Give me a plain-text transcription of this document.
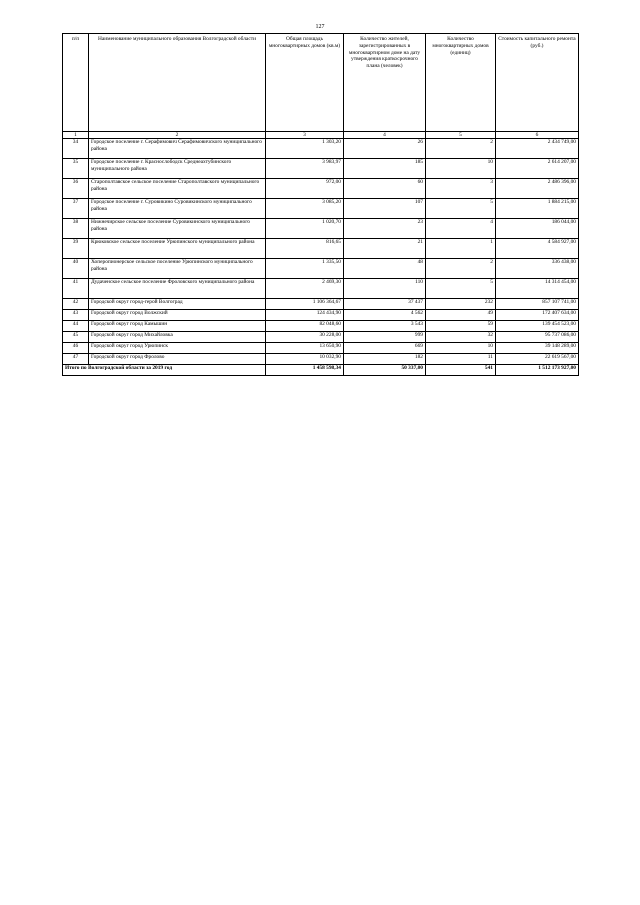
127
п/п	Наименование муниципального образования Волгоградской области	Общая площадь многоквартирных домов (кв.м)	Количество жителей, зарегистрированных в многоквартирном доме на дату утверждения краткосрочного плана (человек)	Количество многоквартирных домов (единиц)	Стоимость капитального ремонта (руб.)
1	2	3	4	5	6
34	Городское поселение г. Серафимович Серафимовичского муниципального района	1 303,20	26	2	2 434 749,00
35	Городское поселение г. Краснослободск Среднеахтубинского муниципального района	3 983,97	185	10	2 614 207,00
36	Старополтавское сельское поселение Старополтавского муниципального района	972,00	60	3	2 486 396,00
37	Городское поселение г. Суровикино Суровикинского муниципального района	3 085,20	107	5	1 884 215,00
38	Нижнечирское сельское поселение Суровикинского муниципального района	1 020,70	23	4	186 044,00
39	Крюковское сельское поселение Урюпинского муниципального района	816,65	21	1	4 584 927,00
40	Хоперопионерское сельское поселение Урюпинского муниципального района	1 335,50	48	2	336 438,00
41	Дудаченское сельское поселение Фроловского муниципального района	2 469,30	110	5	14 314 454,00
42	Городской округ город-герой Волгоград	1 106 364,67	37 437	232	857 107 741,00
43	Городской округ город Волжский	124 434,90	4 562	49	172 407 634,00
44	Городской округ город Камышин	82 048,60	3 543	59	139 454 523,00
45	Городской округ город Михайловка	30 228,00	999	32	95 737 086,00
46	Городской округ город Урюпинск	13 650,90	669	10	39 148 289,00
47	Городской округ город Фролово	10 032,90	182	11	22 619 567,00
Итого по Волгоградской области за 2019 год		1 458 598,34	50 337,00	541	1 512 173 927,00
